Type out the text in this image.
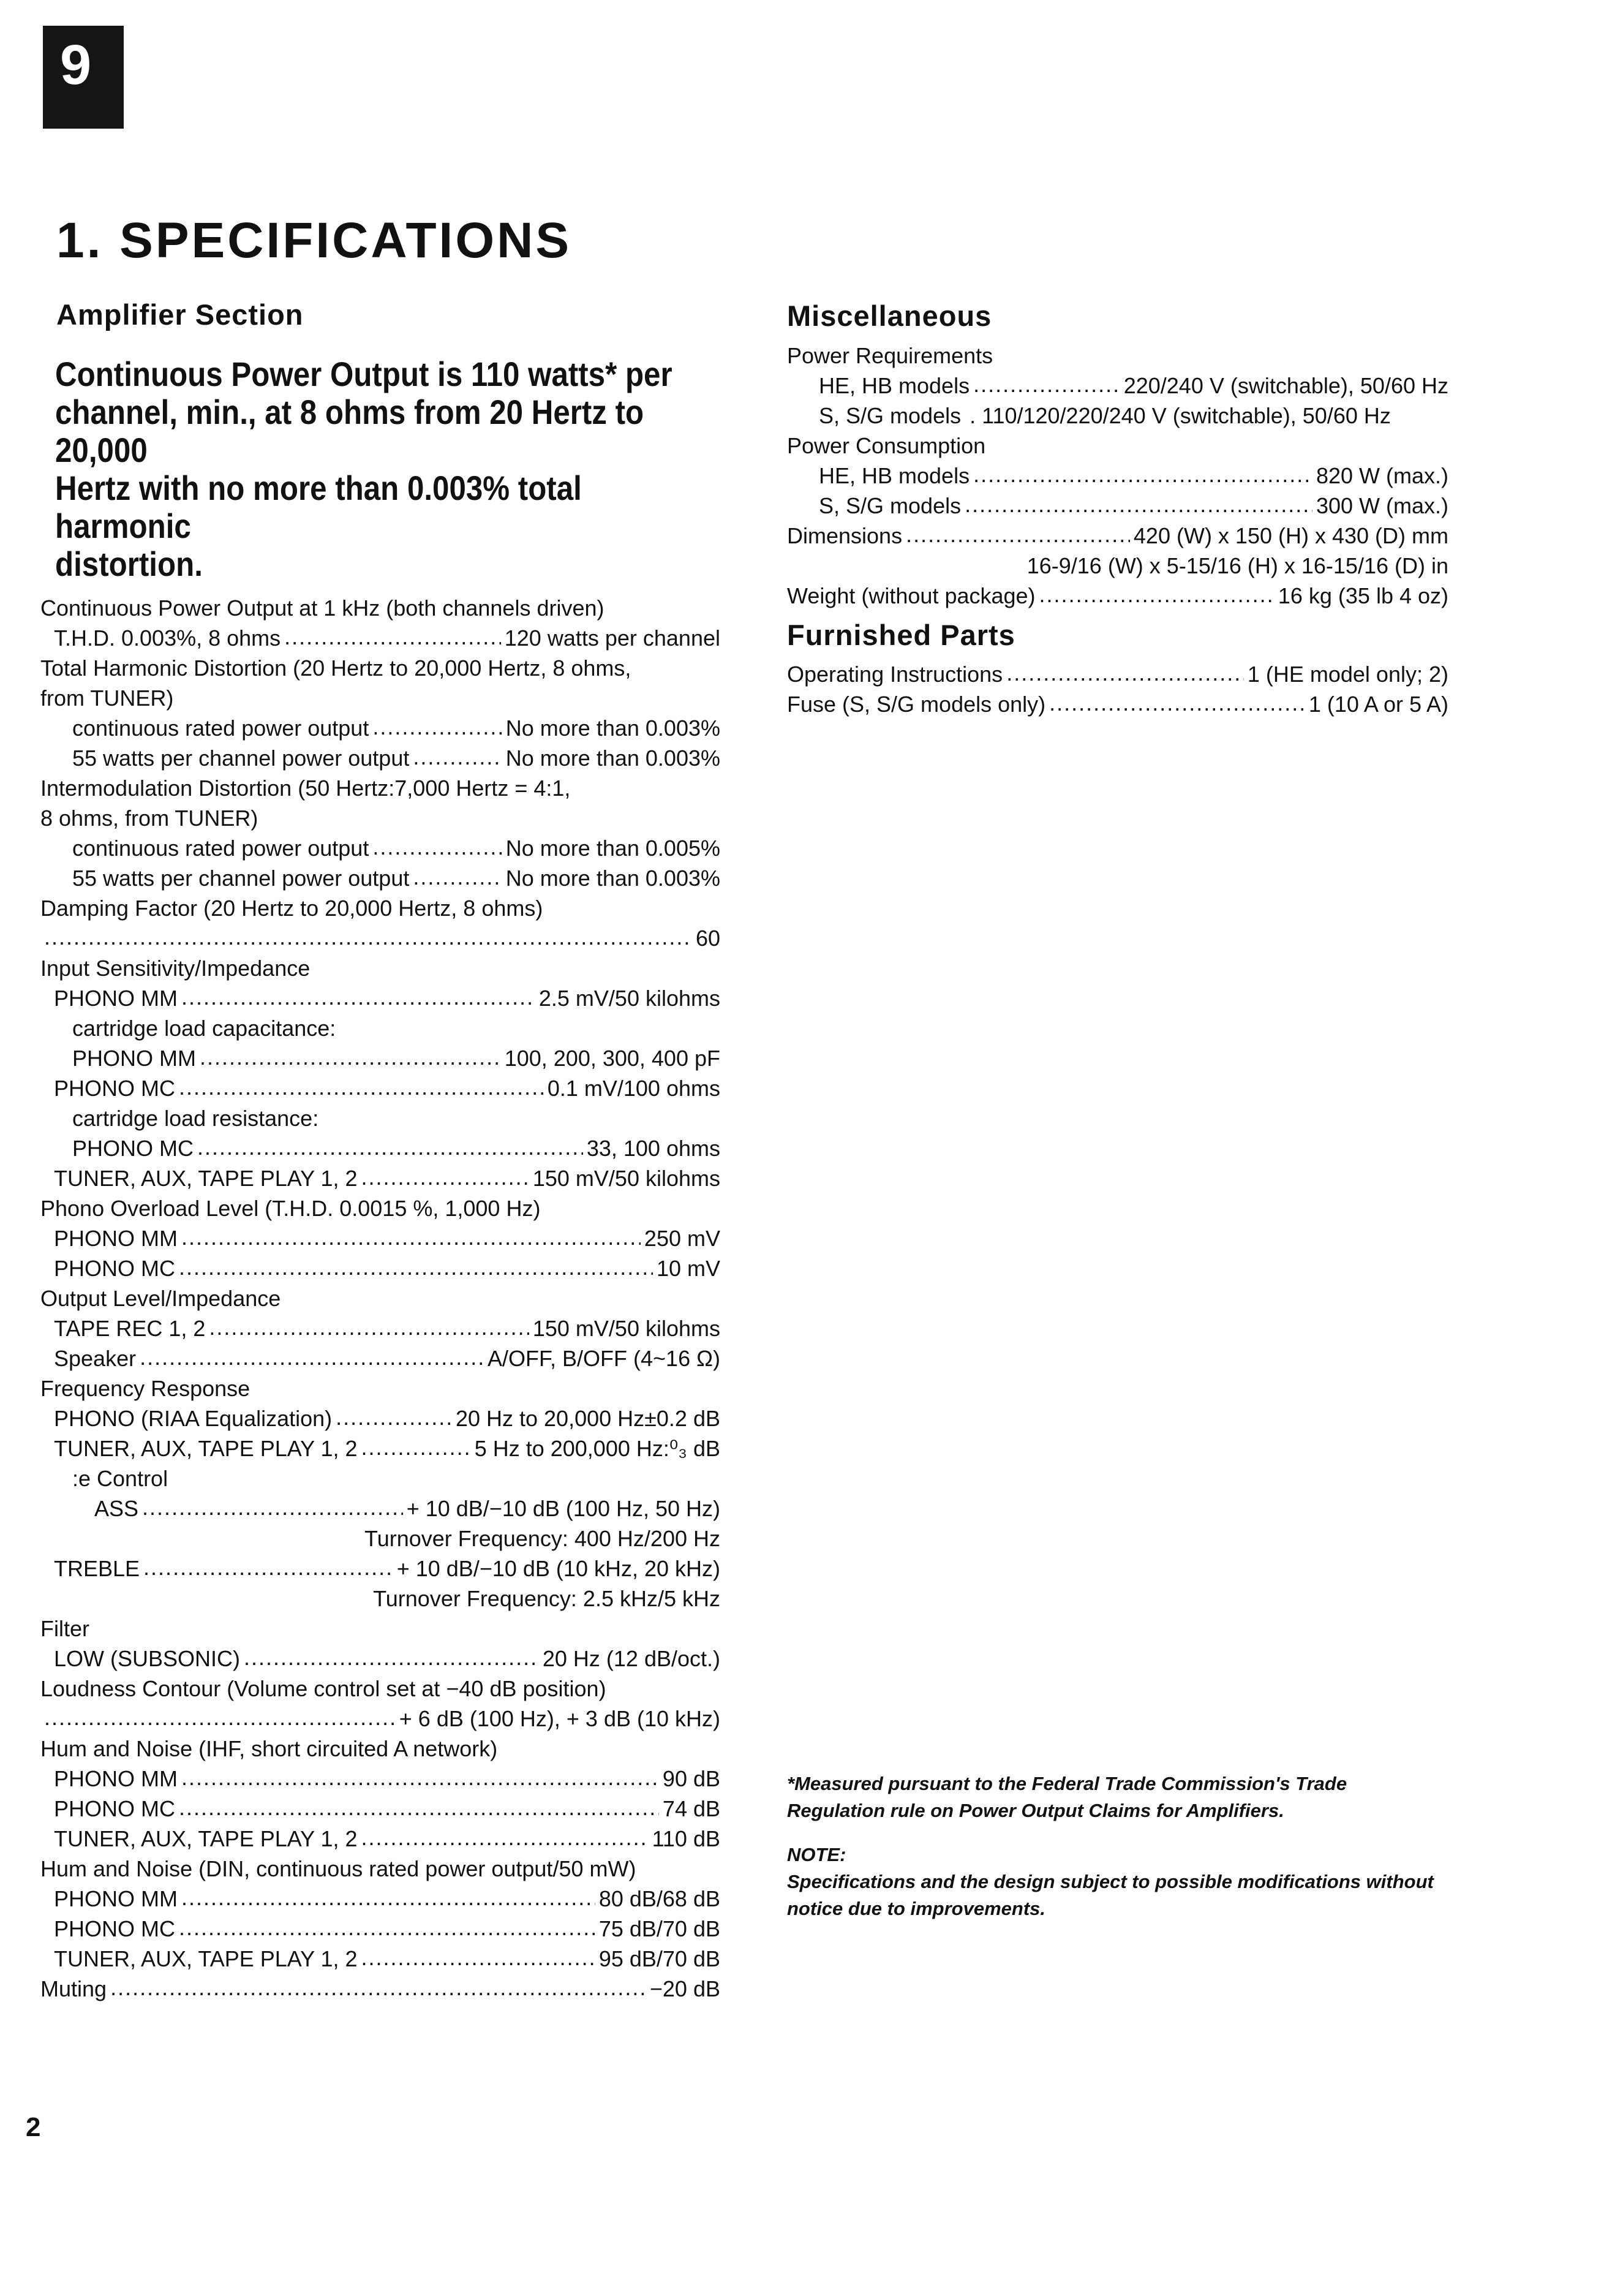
9
1. SPECIFICATIONS
Amplifier Section
Continuous Power Output is 110 watts* per
channel, min., at 8 ohms from 20 Hertz to 20,000
Hertz with no more than 0.003% total harmonic
distortion.
Continuous Power Output at 1 kHz (both channels driven)
T.H.D. 0.003%, 8 ohms . . .	120 watts per channel
Total Harmonic Distortion (20 Hertz to 20,000 Hertz, 8 ohms,
from TUNER)
continuous rated power output . . .	No more than 0.003%
55 watts per channel power output . . .	No more than 0.003%
Intermodulation Distortion (50 Hertz:7,000 Hertz = 4:1,
8 ohms, from TUNER)
continuous rated power output . . .	No more than 0.005%
55 watts per channel power output . . .	No more than 0.003%
Damping Factor (20 Hertz to 20,000 Hertz, 8 ohms)
. . .
60
Input Sensitivity/Impedance
PHONO MM . . .	2.5 mV/50 kilohms
cartridge load capacitance:
PHONO MM . . .	100, 200, 300, 400 pF
PHONO MC . . .	0.1 mV/100 ohms
cartridge load resistance:
PHONO MC . . .	33, 100 ohms
TUNER, AUX, TAPE PLAY 1, 2 . . .	150 mV/50 kilohms
Phono Overload Level (T.H.D. 0.0015 %, 1,000 Hz)
PHONO MM . . .	250 mV
PHONO MC . . .	10 mV
Output Level/Impedance
TAPE REC 1, 2 . . .	150 mV/50 kilohms
Speaker . . .	A/OFF, B/OFF (4~16 Ω)
Frequency Response
PHONO (RIAA Equalization) . . .	20 Hz to 20,000 Hz±0.2 dB
TUNER, AUX, TAPE PLAY 1, 2 . . .	5 Hz to 200,000 Hz:⁰₃ dB
:e Control
ASS . . .	+ 10 dB/−10 dB (100 Hz, 50 Hz)
Turnover Frequency: 400 Hz/200 Hz
TREBLE . . .	+ 10 dB/−10 dB (10 kHz, 20 kHz)
Turnover Frequency: 2.5 kHz/5 kHz
Filter
LOW (SUBSONIC) . . .	20 Hz (12 dB/oct.)
Loudness Contour (Volume control set at −40 dB position)
. . .
+ 6 dB (100 Hz), + 3 dB (10 kHz)
Hum and Noise (IHF, short circuited A network)
PHONO MM . . .	90 dB
PHONO MC . . .	74 dB
TUNER, AUX, TAPE PLAY 1, 2 . . .	110 dB
Hum and Noise (DIN, continuous rated power output/50 mW)
PHONO MM . . .	80 dB/68 dB
PHONO MC . . .	75 dB/70 dB
TUNER, AUX, TAPE PLAY 1, 2 . . .	95 dB/70 dB
Muting . . .	−20 dB
Miscellaneous
Power Requirements
HE, HB models . . .	220/240 V (switchable), 50/60 Hz
S, S/G models . 110/120/220/240 V (switchable), 50/60 Hz
Power Consumption
HE, HB models . . .	820 W (max.)
S, S/G models . . .	300 W (max.)
Dimensions . . .	420 (W) x 150 (H) x 430 (D) mm
16-9/16 (W) x 5-15/16 (H) x 16-15/16 (D) in
Weight (without package) . . .	16 kg (35 lb 4 oz)
Furnished Parts
Operating Instructions . . .	1 (HE model only; 2)
Fuse (S, S/G models only) . . .	1 (10 A or 5 A)

*Measured pursuant to the Federal Trade Commission's Trade Regulation rule on Power Output Claims for Amplifiers.

NOTE:

Specifications and the design subject to possible modifications without notice due to improvements.

2
